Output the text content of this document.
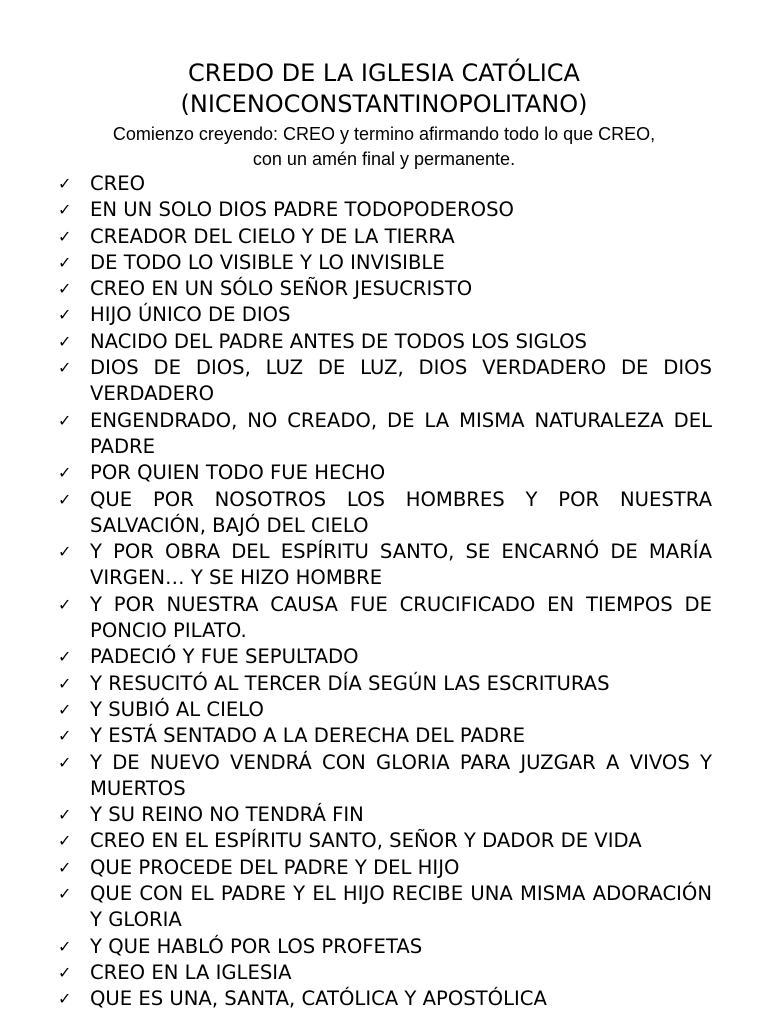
CREDO DE LA IGLESIA CATÓLICA
(NICENOCONSTANTINOPOLITANO)
Comienzo creyendo: CREO y termino afirmando todo lo que CREO,
con un amén final y permanente.
✓ CREO
✓ EN UN SOLO DIOS PADRE TODOPODEROSO
✓ CREADOR DEL CIELO Y DE LA TIERRA
✓ DE TODO LO VISIBLE Y LO INVISIBLE
✓ CREO EN UN SÓLO SEÑOR JESUCRISTO
✓ HIJO ÚNICO DE DIOS
✓ NACIDO DEL PADRE ANTES DE TODOS LOS SIGLOS
✓ DIOS DE DIOS, LUZ DE LUZ, DIOS VERDADERO DE DIOS VERDADERO
✓ ENGENDRADO, NO CREADO, DE LA MISMA NATURALEZA DEL PADRE
✓ POR QUIEN TODO FUE HECHO
✓ QUE POR NOSOTROS LOS HOMBRES Y POR NUESTRA SALVACIÓN, BAJÓ DEL CIELO
✓ Y POR OBRA DEL ESPÍRITU SANTO, SE ENCARNÓ DE MARÍA VIRGEN… Y SE HIZO HOMBRE
✓ Y POR NUESTRA CAUSA FUE CRUCIFICADO EN TIEMPOS DE PONCIO PILATO.
✓ PADECIÓ Y FUE SEPULTADO
✓ Y RESUCITÓ AL TERCER DÍA SEGÚN LAS ESCRITURAS
✓ Y SUBIÓ AL CIELO
✓ Y ESTÁ SENTADO A LA DERECHA DEL PADRE
✓ Y DE NUEVO VENDRÁ CON GLORIA PARA JUZGAR A VIVOS Y MUERTOS
✓ Y SU REINO NO TENDRÁ FIN
✓ CREO EN EL ESPÍRITU SANTO, SEÑOR Y DADOR DE VIDA
✓ QUE PROCEDE DEL PADRE Y DEL HIJO
✓ QUE CON EL PADRE Y EL HIJO RECIBE UNA MISMA ADORACIÓN Y GLORIA
✓ Y QUE HABLÓ POR LOS PROFETAS
✓ CREO EN LA IGLESIA
✓ QUE ES UNA, SANTA, CATÓLICA Y APOSTÓLICA
